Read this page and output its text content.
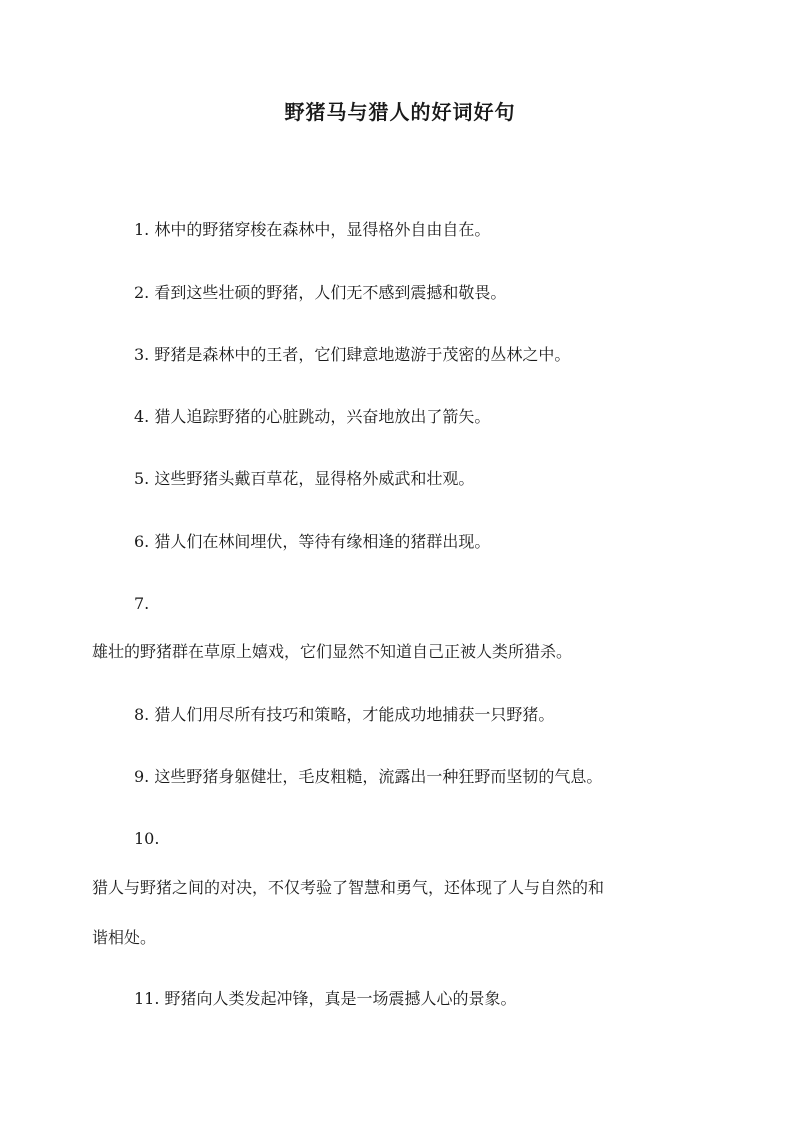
野猪马与猎人的好词好句
1. 林中的野猪穿梭在森林中，显得格外自由自在。
2. 看到这些壮硕的野猪，人们无不感到震撼和敬畏。
3. 野猪是森林中的王者，它们肆意地遨游于茂密的丛林之中。
4. 猎人追踪野猪的心脏跳动，兴奋地放出了箭矢。
5. 这些野猪头戴百草花，显得格外威武和壮观。
6. 猎人们在林间埋伏，等待有缘相逢的猪群出现。
7.
雄壮的野猪群在草原上嬉戏，它们显然不知道自己正被人类所猎杀。
8. 猎人们用尽所有技巧和策略，才能成功地捕获一只野猪。
9. 这些野猪身躯健壮，毛皮粗糙，流露出一种狂野而坚韧的气息。
10.
猎人与野猪之间的对决，不仅考验了智慧和勇气，还体现了人与自然的和
谐相处。
11. 野猪向人类发起冲锋，真是一场震撼人心的景象。
